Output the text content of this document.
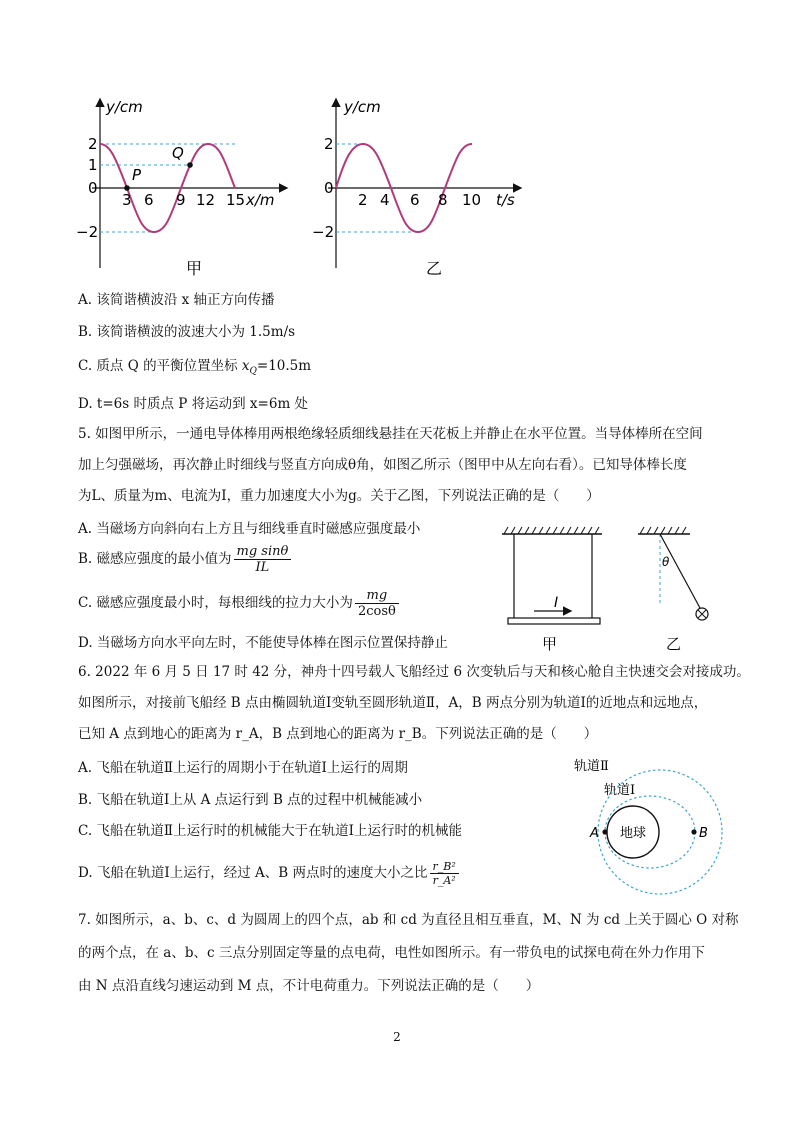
y/cm
x/m
2
1
0
−2
3 6 9 12 15
P
Q
甲
y/cm
t/s
2
0
−2
2 4 6 8 10
乙
A. 该简谐横波沿 x 轴正方向传播
B. 该简谐横波的波速大小为 1.5m/s
C. 质点 Q 的平衡位置坐标 $x_Q=10.5m$
D. t=6s 时质点 P 将运动到 x=6m 处
5. 如图甲所示，一通电导体棒用两根绝缘轻质细线悬挂在天花板上并静止在水平位置。当导体棒所在空间
加上匀强磁场，再次静止时细线与竖直方向成θ角，如图乙所示（图甲中从左向右看）。已知导体棒长度
为L、质量为m、电流为I，重力加速度大小为g。关于乙图，下列说法正确的是（　　）
A. 当磁场方向斜向右上方且与细线垂直时磁感应强度最小
B. 磁感应强度的最小值为 $\frac{\text{mg sinθ}}{IL}$
C. 磁感应强度最小时，每根细线的拉力大小为 $\frac{mg}{2\cos\theta}$
D. 当磁场方向水平向左时，不能使导体棒在图示位置保持静止
I
甲
θ
乙
6. 2022 年 6 月 5 日 17 时 42 分，神舟十四号载人飞船经过 6 次变轨后与天和核心舱自主快速交会对接成功。
如图所示，对接前飞船经 B 点由椭圆轨道Ⅰ变轨至圆形轨道Ⅱ，A，B 两点分别为轨道Ⅰ的近地点和远地点，
已知 A 点到地心的距离为 r_A，B 点到地心的距离为 r_B。下列说法正确的是（　　）
A. 飞船在轨道Ⅱ上运行的周期小于在轨道Ⅰ上运行的周期
B. 飞船在轨道Ⅰ上从 A 点运行到 B 点的过程中机械能减小
C. 飞船在轨道Ⅱ上运行时的机械能大于在轨道Ⅰ上运行时的机械能
D. 飞船在轨道Ⅰ上运行，经过 A、B 两点时的速度大小之比 $\frac{\text{r\_B²}}{\text{r\_A²}}$
轨道Ⅱ
轨道Ⅰ
地球
A	B
7. 如图所示，a、b、c、d 为圆周上的四个点，ab 和 cd 为直径且相互垂直，M、N 为 cd 上关于圆心 O 对称
的两个点，在 a、b、c 三点分别固定等量的点电荷，电性如图所示。有一带负电的试探电荷在外力作用下
由 N 点沿直线匀速运动到 M 点，不计电荷重力。下列说法正确的是（　　）
2
